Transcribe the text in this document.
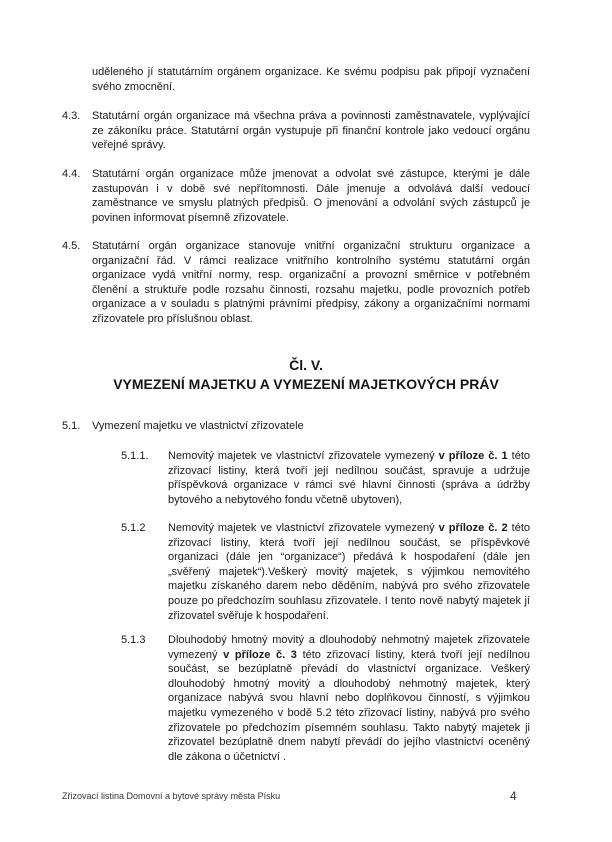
uděleného jí statutárním orgánem organizace. Ke svému podpisu pak připojí vyznačení svého zmocnění.

4.3. Statutární orgán organizace má všechna práva a povinnosti zaměstnavatele, vyplývající ze zákoníku práce. Statutární orgán vystupuje při finanční kontrole jako vedoucí orgánu veřejné správy.

4.4. Statutární orgán organizace může jmenovat a odvolat své zástupce, kterými je dále zastupován i v době své nepřítomnosti. Dále jmenuje a odvolává další vedoucí zaměstnance ve smyslu platných předpisů. O jmenování a odvolání svých zástupců je povinen informovat písemně zřizovatele.

4.5. Statutární orgán organizace stanovuje vnitřní organizační strukturu organizace a organizační řád. V rámci realizace vnitřního kontrolního systému statutární orgán organizace vydá vnitřní normy, resp. organizační a provozní směrnice v potřebném členění a struktuře podle rozsahu činnosti, rozsahu majetku, podle provozních potřeb organizace a v souladu s platnými právními předpisy, zákony a organizačními normami zřizovatele pro příslušnou oblast.

Čl. V.
VYMEZENÍ MAJETKU A VYMEZENÍ MAJETKOVÝCH PRÁV
5.1. Vymezení majetku ve vlastnictví zřizovatele

5.1.1. Nemovitý majetek ve vlastnictví zřizovatele vymezený v příloze č. 1 této zřizovací listiny, která tvoří její nedílnou součást, spravuje a udržuje příspěvková organizace v rámci své hlavní činnosti (správa a údržby bytového a nebytového fondu včetně ubytoven),

5.1.2 Nemovitý majetek ve vlastnictví zřizovatele vymezený v příloze č. 2 této zřizovací listiny, která tvoří její nedílnou součást, se příspěvkové organizaci (dále jen “organizace“) předává k hospodaření (dále jen „svěřený majetek“).Veškerý movitý majetek, s výjimkou nemovitého majetku získaného darem nebo děděním, nabývá pro svého zřizovatele pouze po předchozím souhlasu zřizovatele. I tento nově nabytý majetek jí zřizovatel svěřuje k hospodaření.

5.1.3 Dlouhodobý hmotný movitý a dlouhodobý nehmotný majetek zřizovatele vymezený v příloze č. 3 této zřizovací listiny, která tvoří její nedílnou součást, se bezúplatně převádí do vlastnictví organizace. Veškerý dlouhodobý hmotný movitý a dlouhodobý nehmotný majetek, který organizace nabývá svou hlavní nebo doplňkovou činností, s výjimkou majetku vymezeného v bodě 5.2 této zřizovací listiny, nabývá pro svého zřizovatele po předchozím písemném souhlasu. Takto nabytý majetek ji zřizovatel bezúplatně dnem nabytí převádí do jejího vlastnictví oceněný dle zákona o účetnictví .

Zřizovací listina Domovní a bytové správy města Písku	4
